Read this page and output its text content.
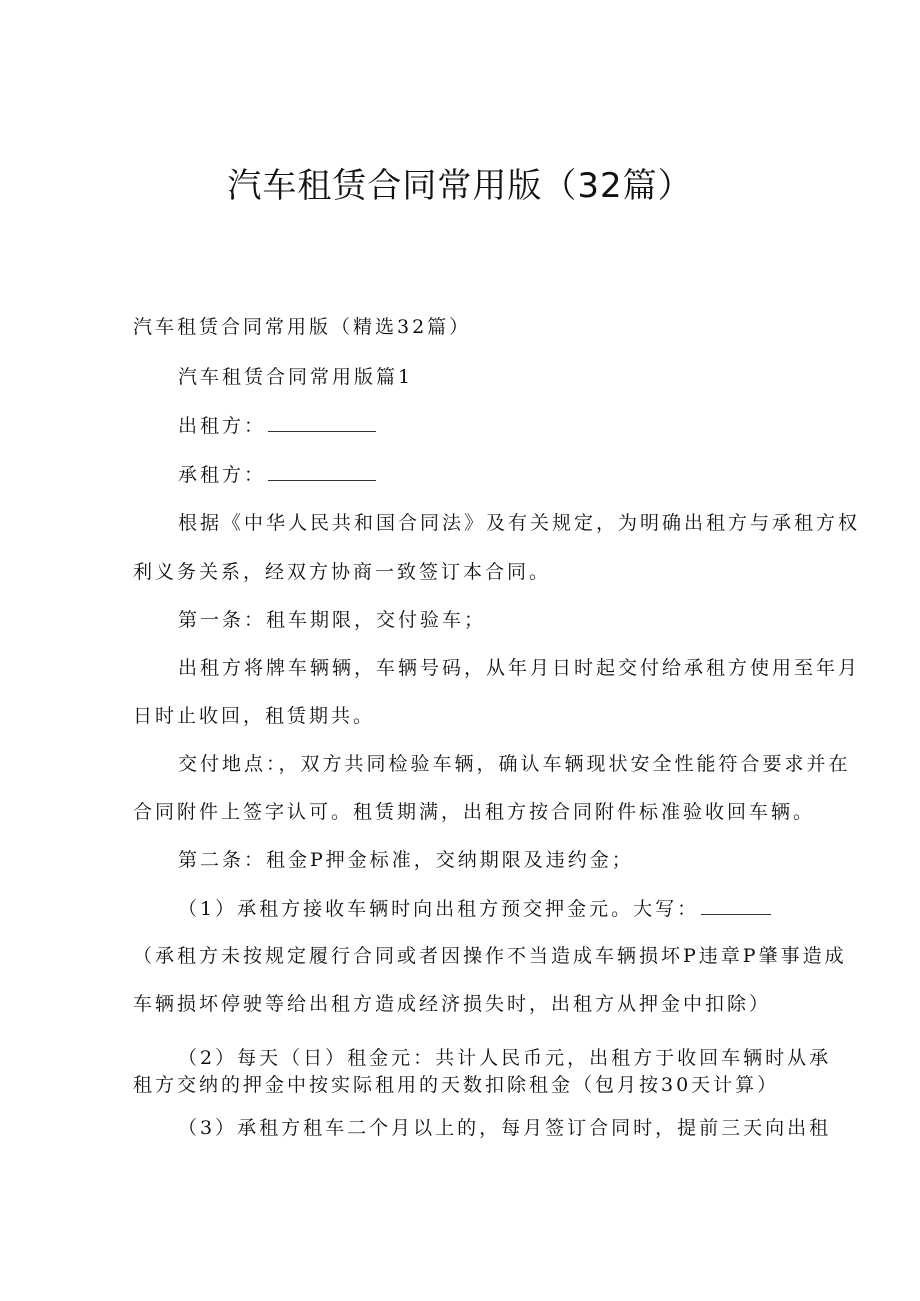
汽车租赁合同常用版（32篇）
汽车租赁合同常用版（精选32篇）
汽车租赁合同常用版篇1
出租方：
承租方：
根据《中华人民共和国合同法》及有关规定，为明确出租方与承租方权
利义务关系，经双方协商一致签订本合同。
第一条：租车期限，交付验车；
出租方将牌车辆辆，车辆号码，从年月日时起交付给承租方使用至年月
日时止收回，租赁期共。
交付地点：，双方共同检验车辆，确认车辆现状安全性能符合要求并在
合同附件上签字认可。租赁期满，出租方按合同附件标准验收回车辆。
第二条：租金P押金标准，交纳期限及违约金；
（1）承租方接收车辆时向出租方预交押金元。大写：
（承租方未按规定履行合同或者因操作不当造成车辆损坏P违章P肇事造成
车辆损坏停驶等给出租方造成经济损失时，出租方从押金中扣除）
（2）每天（日）租金元：共计人民币元，出租方于收回车辆时从承
租方交纳的押金中按实际租用的天数扣除租金（包月按30天计算）
（3）承租方租车二个月以上的，每月签订合同时，提前三天向出租
